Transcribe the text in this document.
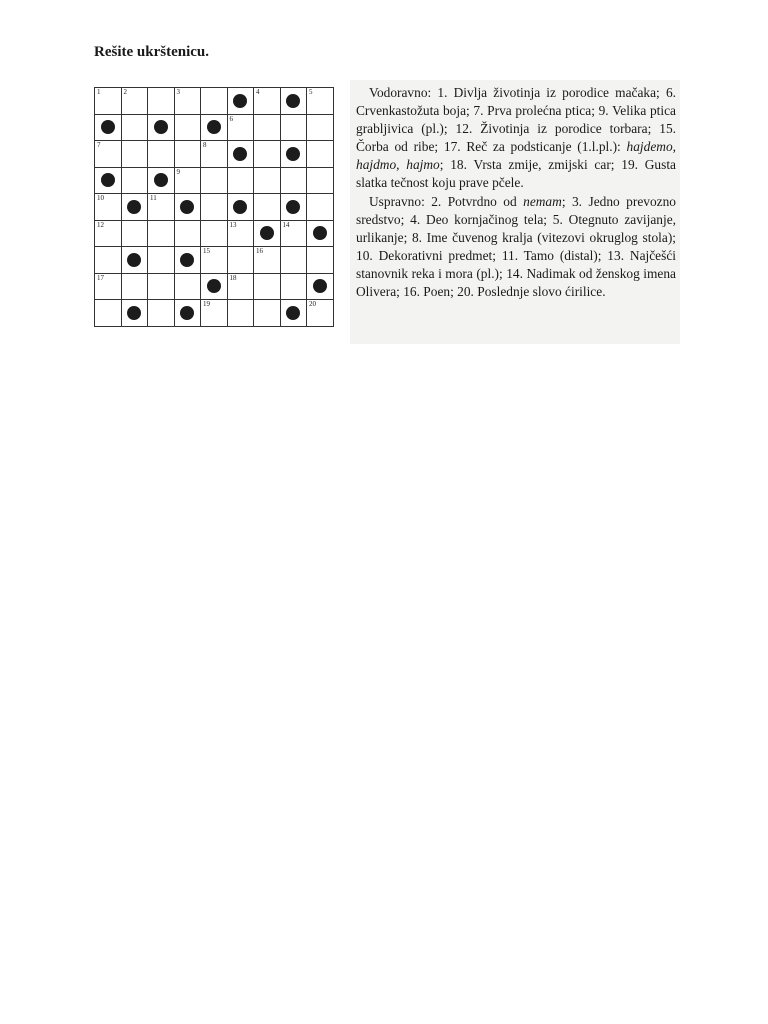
Rešite ukrštenicu.
1	2	3	4	5
6
7	8
9
10	11
12	13	14
15	16
17	18
19	20

Vodoravno: 1. Divlja životinja iz porodice mačaka; 6. Crvenkastožuta boja; 7. Prva prolećna ptica; 9. Velika ptica grabljivica (pl.); 12. Životinja iz porodice torbara; 15. Čorba od ribe; 17. Reč za podsticanje (1.l.pl.): hajdemo, hajdmo, hajmo; 18. Vrsta zmije, zmijski car; 19. Gusta slatka tečnost koju prave pčele.

Uspravno: 2. Potvrdno od nemam; 3. Jedno prevozno sredstvo; 4. Deo kornjačinog tela; 5. Otegnuto zavijanje, urlikanje; 8. Ime čuvenog kralja (vitezovi okruglog stola); 10. Dekorativni predmet; 11. Tamo (distal); 13. Najčešći stanovnik reka i mora (pl.); 14. Nadimak od ženskog imena Olivera; 16. Poen; 20. Poslednje slovo ćirilice.
